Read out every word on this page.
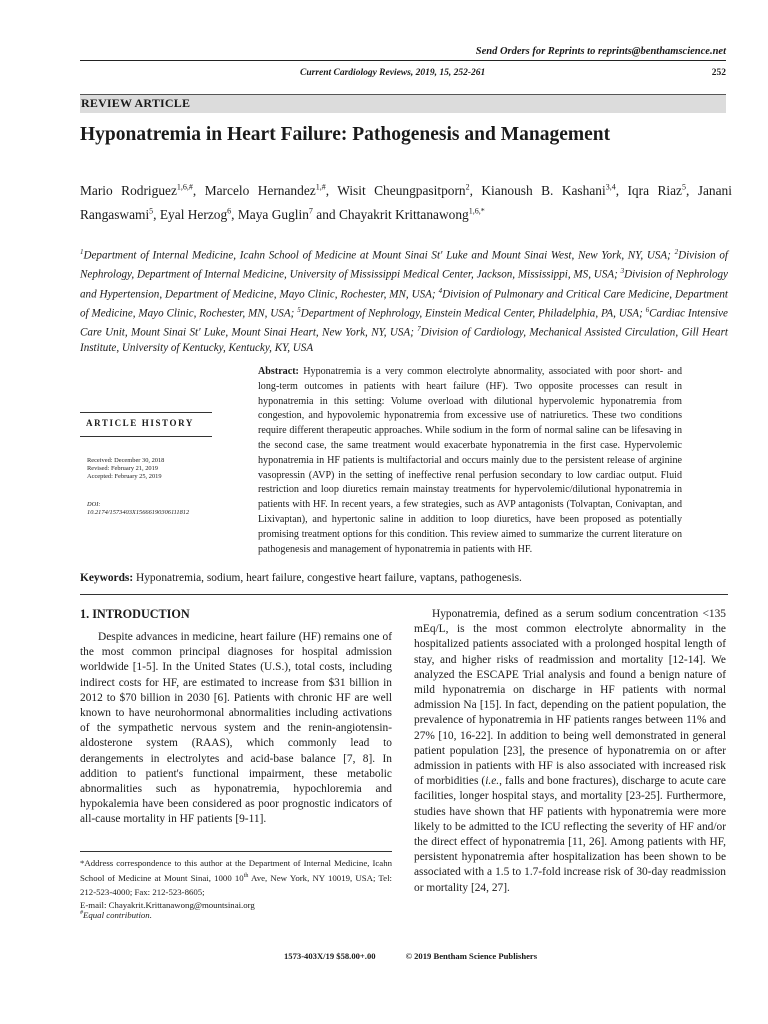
Send Orders for Reprints to reprints@benthamscience.net
Current Cardiology Reviews, 2019, 15, 252-261	252
REVIEW ARTICLE
Hyponatremia in Heart Failure: Pathogenesis and Management
Mario Rodriguez$^{1,6,\#}$, Marcelo Hernandez$^{1,\#}$, Wisit Cheungpasitporn$^2$, Kianoush B. Kashani$^{3,4}$, Iqra Riaz$^5$, Janani Rangaswami$^5$, Eyal Herzog$^6$, Maya Guglin$^7$ and Chayakrit Krittanawong$^{1,6,*}$
$^1$Department of Internal Medicine, Icahn School of Medicine at Mount Sinai St' Luke and Mount Sinai West, New York, NY, USA; $^2$Division of Nephrology, Department of Internal Medicine, University of Mississippi Medical Center, Jackson, Mississippi, MS, USA; $^3$Division of Nephrology and Hypertension, Department of Medicine, Mayo Clinic, Rochester, MN, USA; $^4$Division of Pulmonary and Critical Care Medicine, Department of Medicine, Mayo Clinic, Rochester, MN, USA; $^5$Department of Nephrology, Einstein Medical Center, Philadelphia, PA, USA; $^6$Cardiac Intensive Care Unit, Mount Sinai St' Luke, Mount Sinai Heart, New York, NY, USA; $^7$Division of Cardiology, Mechanical Assisted Circulation, Gill Heart Institute, University of Kentucky, Kentucky, KY, USA
ARTICLE HISTORY
Received: December 30, 2018
Revised: February 21, 2019
Accepted: February 25, 2019
DOI:
10.2174/1573403X15666190306111812
Abstract: Hyponatremia is a very common electrolyte abnormality, associated with poor short- and long-term outcomes in patients with heart failure (HF). Two opposite processes can result in hyponatremia in this setting: Volume overload with dilutional hypervolemic hyponatremia from congestion, and hypovolemic hyponatremia from excessive use of natriuretics. These two conditions require different therapeutic approaches. While sodium in the form of normal saline can be lifesaving in the second case, the same treatment would exacerbate hyponatremia in the first case. Hypervolemic hyponatremia in HF patients is multifactorial and occurs mainly due to the persistent release of arginine vasopressin (AVP) in the setting of ineffective renal perfusion secondary to low cardiac output. Fluid restriction and loop diuretics remain mainstay treatments for hypervolemic/dilutional hyponatremia in patients with HF. In recent years, a few strategies, such as AVP antagonists (Tolvaptan, Conivaptan, and Lixivaptan), and hypertonic saline in addition to loop diuretics, have been proposed as potentially promising treatment options for this condition. This review aimed to summarize the current literature on pathogenesis and management of hyponatremia in patients with HF.
Keywords: Hyponatremia, sodium, heart failure, congestive heart failure, vaptans, pathogenesis.
1. INTRODUCTION

Despite advances in medicine, heart failure (HF) remains one of the most common principal diagnoses for hospital admission worldwide [1-5]. In the United States (U.S.), total costs, including indirect costs for HF, are estimated to increase from $31 billion in 2012 to $70 billion in 2030 [6]. Patients with chronic HF are well known to have neurohormonal abnormalities including activations of the sympathetic nervous system and the renin-angiotensin-aldosterone system (RAAS), which commonly lead to derangements in electrolytes and acid-base balance [7, 8]. In addition to patient's functional impairment, these metabolic abnormalities such as hyponatremia, hypochloremia and hypokalemia have been considered as poor prognostic indicators of all-cause mortality in HF patients [9-11].

Hyponatremia, defined as a serum sodium concentration <135 mEq/L, is the most common electrolyte abnormality in the hospitalized patients associated with a prolonged hospital length of stay, and higher risks of readmission and mortality [12-14]. We analyzed the ESCAPE Trial analysis and found a benign nature of mild hyponatremia on discharge in HF patients with normal admission Na [15]. In fact, depending on the patient population, the prevalence of hyponatremia in HF patients ranges between 11% and 27% [10, 16-22]. In addition to being well demonstrated in general patient population [23], the presence of hyponatremia on or after admission in patients with HF is also associated with increased risk of morbidities (i.e., falls and bone fractures), discharge to acute care facilities, longer hospital stays, and mortality [23-25]. Furthermore, studies have shown that HF patients with hyponatremia were more likely to be admitted to the ICU reflecting the severity of HF and/or the direct effect of hyponatremia [11, 26]. Among patients with HF, persistent hyponatremia after hospitalization has been shown to be associated with a 1.5 to 1.7-fold increase risk of 30-day readmission or mortality [24, 27].

*Address correspondence to this author at the Department of Internal Medicine, Icahn School of Medicine at Mount Sinai, 1000 10th Ave, New York, NY 10019, USA; Tel: 212-523-4000; Fax: 212-523-8605;
E-mail: Chayakrit.Krittanawong@mountsinai.org
#Equal contribution.
1573-403X/19 $58.00+.00	© 2019 Bentham Science Publishers
